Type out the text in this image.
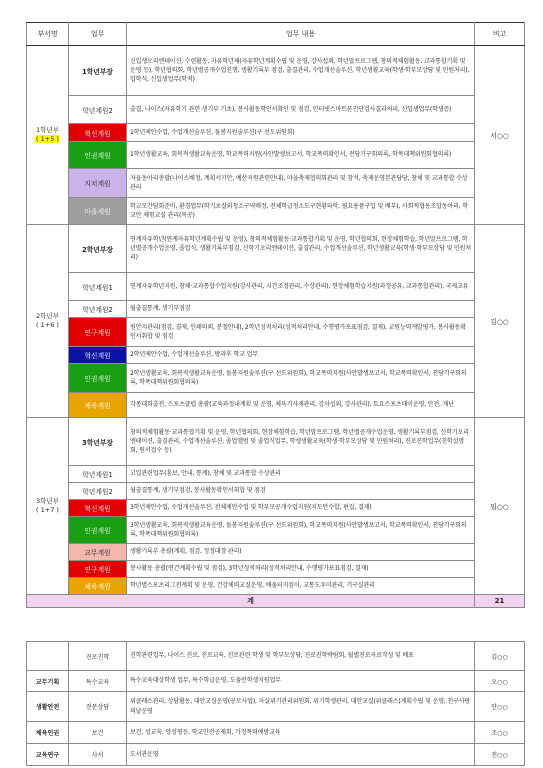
부서명	업무	업무 내용	비고

1학년부
( 1+5 )	1학년부장	신입생오리엔테이션, 수련활동, 자유학년제(자유학년계획수립 및 운영, 강사섭외, 학년말프로그램, 창의적체험활동, 교과통합기획 및 운영 등), 학년협의회, 학년별공개수업진행, 생활기록부 점검, 출결관리, 수업개선술루션, 학년생활교육(학생·학부모상담 및 민원처리), 입학식, 신입생업무(학적)	서○○
	학년계원2	출결, 나이스(자유학기 관련 생기부 기초), 봉사활동학인서확인 및 점검, 인터넷스마트폰진단검사결과처리, 신입생업무(학생증)	
	혁신계원	1학년제안수업, 수업개선술루션, 돌봄지원술루션(구 선도위원회)	
	인권계원	1학년생활교육, 회복적생활교육운영, 학교폭력지원(사안발생보고서, 학교폭력확인서, 전담기구회의록, 학폭대책위원회협의록)	
	지치계원	자율동아리총괄(나이스배정, 계획서기안, 예산지원관련안내), 마을축제협의회관리 및 참석, 축제운영본관담당, 창체 및 교과통합 수상 관리	
	마을계원	학교모간담회준비, 환경업무(학기초실외청소구역배정, 전체학급청소도구현황파악, 필요용품구입 및 배부), 사회적협동조합동아리, 학교안 체험교실 관리(목공)	

2학년부
( 1+6 )	2학년부장	연계자유학년(연계자유학년계획수립 및 운영), 창의적체험활동·교과통합기획 및 운영, 학년협의회, 현장체험학습, 학년말프로그램, 학년별공개수업운영, 졸업식, 생활기록부점검, 신학기오리엔테이션, 출결관리, 수업개선술루션, 학년생활교육(학생·학부모상담 및 민원처리)	김○○
	학년계원1	연계자유학년지원, 창체·교과통합수업지원(강사관리, 시간조정관리, 수상관리), 현장체험학습지원(과정공유, 교과통합관리), 국제교류	
	학년계원2	월출결통계, 생기부점검	
	연구계원	원안지관리(점검, 결재, 인쇄의뢰, 분철안내), 2학년성적처리(성적처리안내, 수행평가포표점검, 결재), 교원능력개발평가, 봉사활동확인서취합 및 점검	
	혁신계원	2학년제안수업, 수업개선술루션, 방과후 학교 업무	
	인권계원	2학년생활교육, 회복적생활교육운영, 돌봄지원술루션(구 선도위원회), 학교폭력지원(사안발생보고서, 학교폭력확인서, 전담기구회의록, 학폭대책위원회협의록)	
	체육계원	각종대회출전, 스포츠클럽 총괄(교육과정내계획 및 운영, 체육기자재관리, 강사섭외, 강사관리), 토요스포츠데이운영, 안전, 재난	

3학년부
( 1+7 )	3학년부장	창의적체험활동·교과통합기획 및 운영, 학년협의회, 현장체험학습, 학년말프로그램, 학년별공개수업운영, 생활기록부점검, 신학기오리엔테이션, 출결관리, 수업개선술루션, 졸업앨범 및 졸업식업무, 학생생활교육(학생·학부모상담 및 민원처리), 진로진학업무(진학설명회, 원서접수 등)	임○○
	학년계원1	고입관련업무(홍보, 안내, 통계), 창체 및 교과통합 수상관리	
	학년계원2	월출결통계, 생기부점검, 봉사활동확인서취합 및 점검	
	혁신계원	3학년제안수업, 수업개선술루션, 전체제안수업 및 학부모공개수업지원(지도안수합, 편집, 결재)	
	인권계원	3학년생활교육, 회복적생활교육운영, 돌봄지원술루션(구 선도위원회), 학교폭력지원(사안발생보고서, 학교폭력확인서, 전담기구회의록, 학폭대책위원회협의록)	
	교무계원	생활기록부 총괄(계획, 점검, 정정대장 관리)	
	연구계원	봉사활동 총괄(연간계획수립 및 점검), 3학년성적처리(성적처리안내, 수행평가포표점검, 결재)	
	체육계원	학년별스포츠리그전계획 및 운영, 건강체력교실운영, 배움터지킴이, 교통도우미관리, 기구실관리	
계			21
	진로진학	진학관련업무, 나이스 진로, 진로교육, 진로관련 학생 및 학부모상담, 진로진학박람회, 월별진로자료작성 및 배포	김○○
교무기획	특수교육	특수교육대상학생 업무, 특수학급운영, 도움반학생지원업무	오○○
생활안전	전문상담	위클래스관리, 상담활동, 대안교실운영(공모사업), 자살위기관리위원회, 위기학생관리, 대안교실(위클래스)계획수립 및 운영, 친구사랑의날운영	안○○
체육인권	보건	보건, 성교육, 양성평등, 학교안전공제회, 가정폭력예방교육	조○○
교육연구	사서	도서관운영	전○○
